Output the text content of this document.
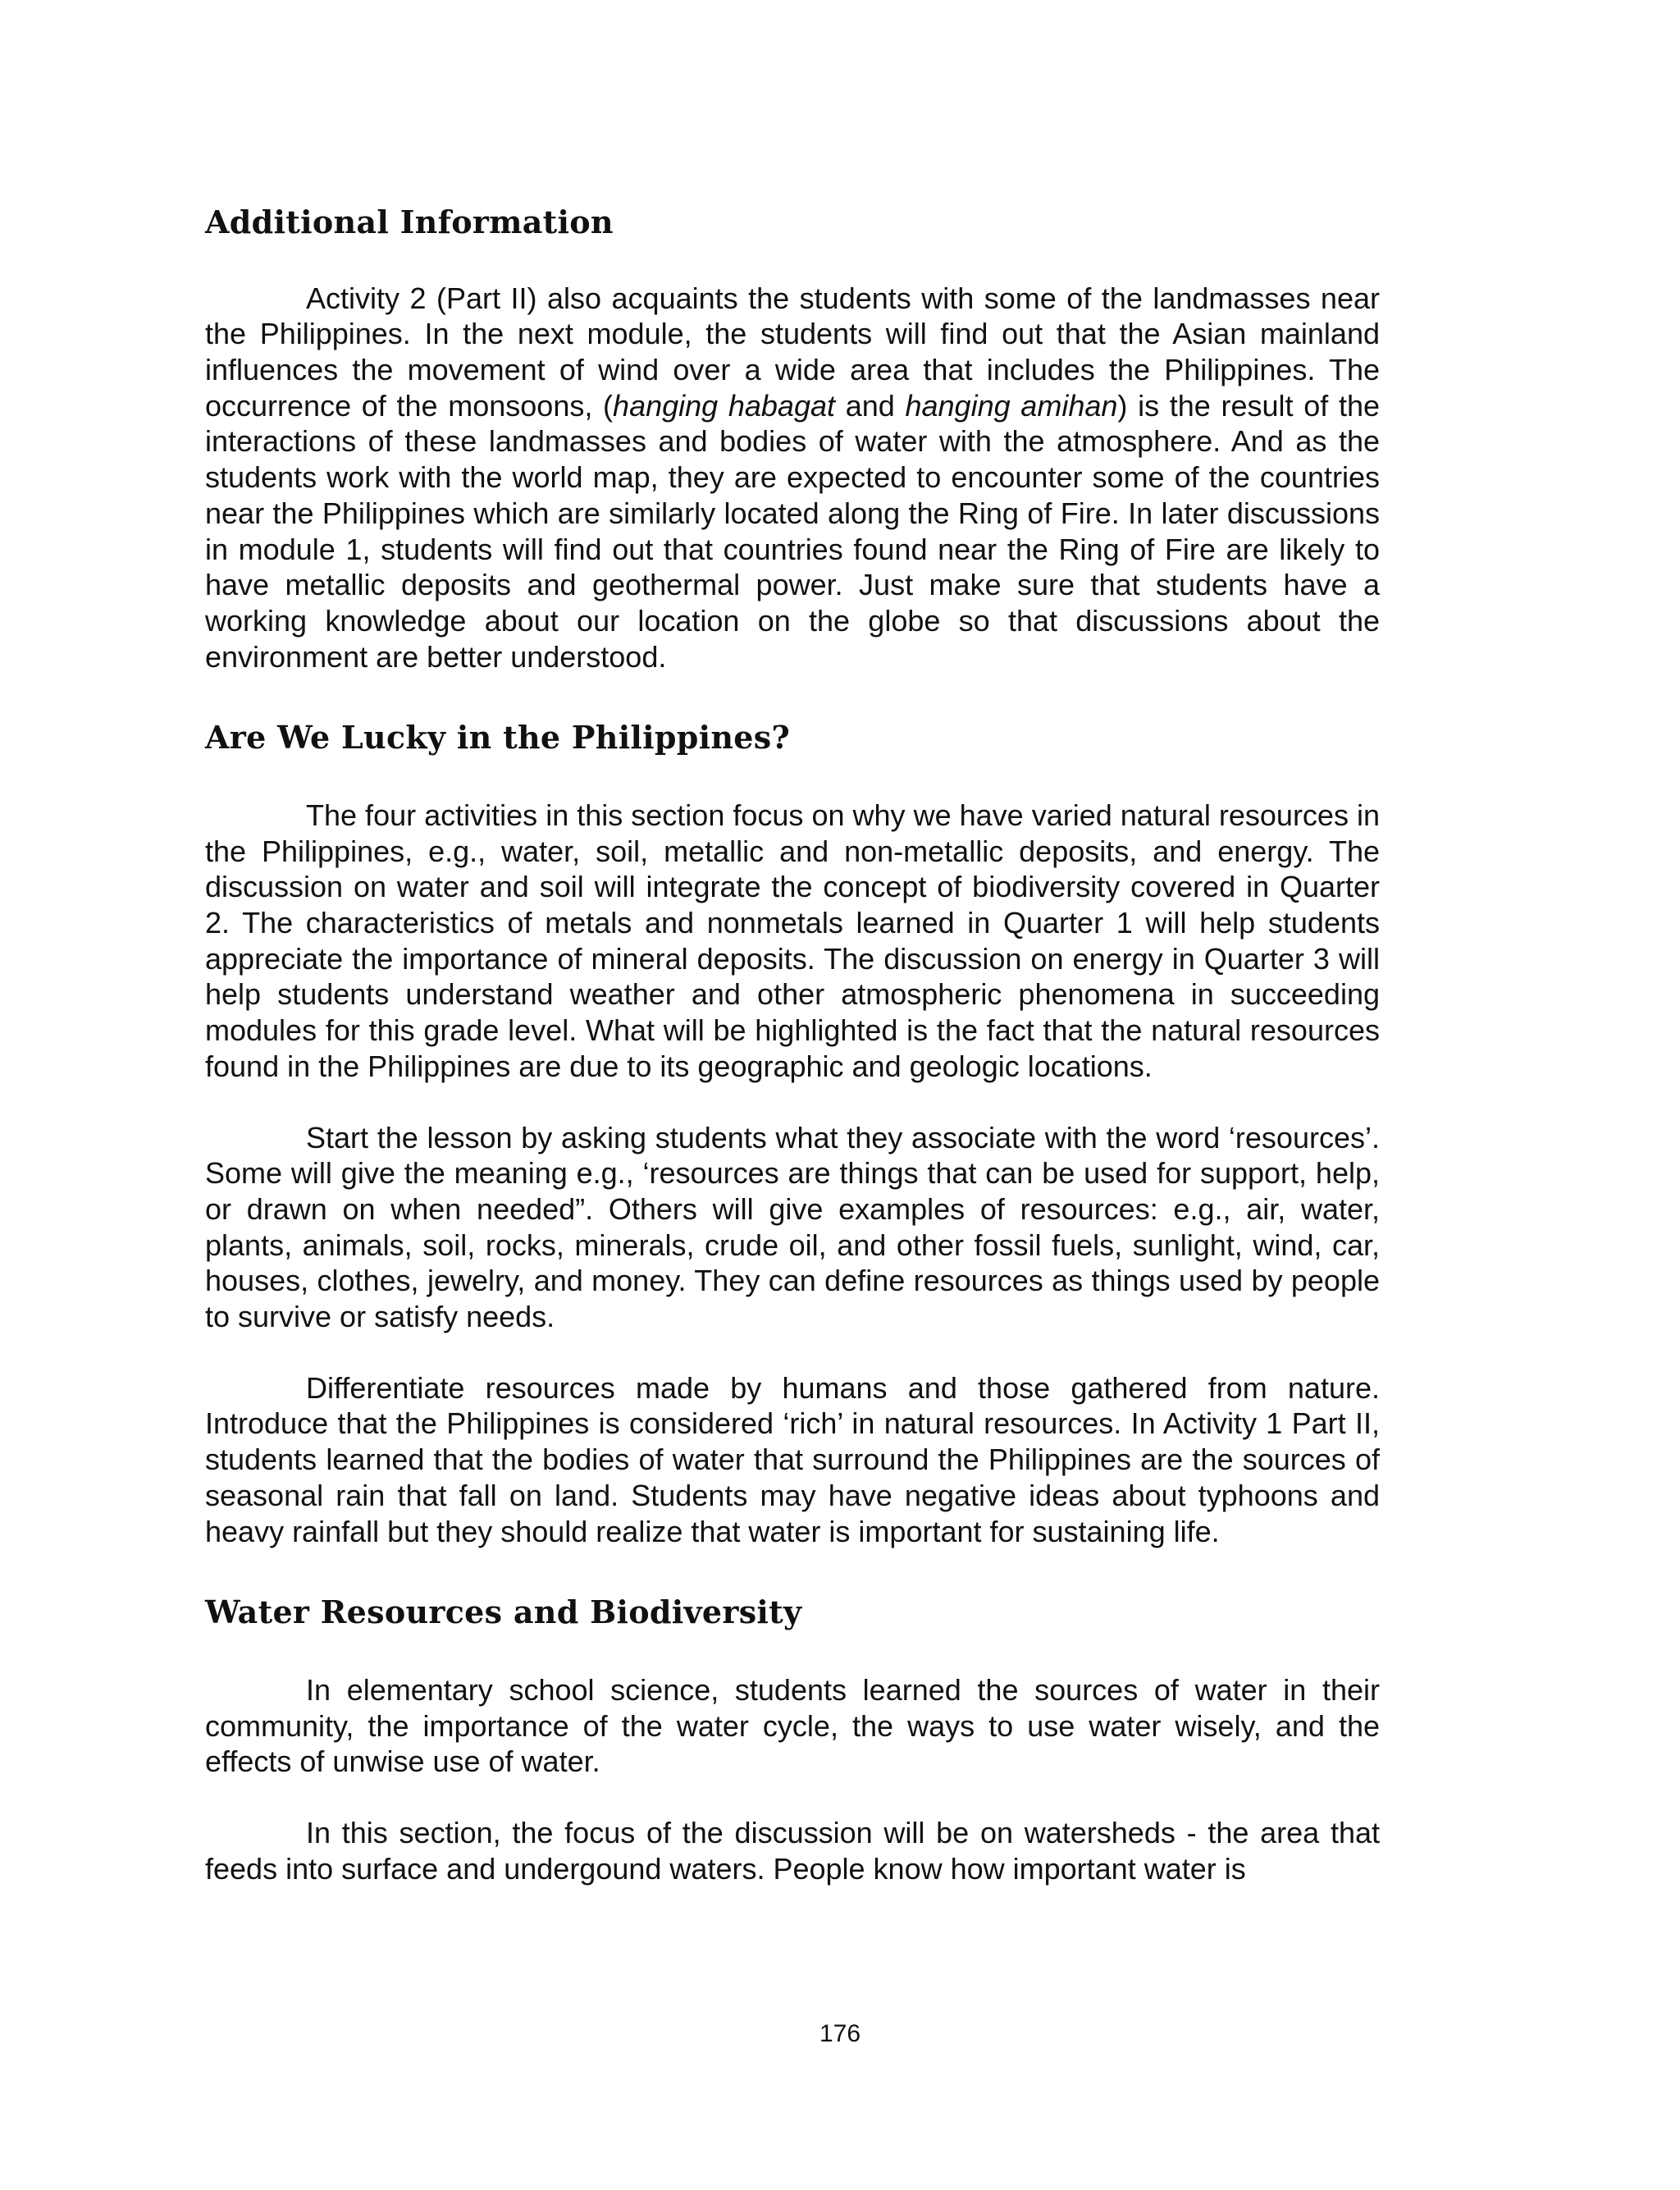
Additional Information

Activity 2 (Part II) also acquaints the students with some of the landmasses near the Philippines. In the next module, the students will find out that the Asian mainland influences the movement of wind over a wide area that includes the Philippines. The occurrence of the monsoons, (hanging habagat and hanging amihan) is the result of the interactions of these landmasses and bodies of water with the atmosphere. And as the students work with the world map, they are expected to encounter some of the countries near the Philippines which are similarly located along the Ring of Fire. In later discussions in module 1, students will find out that countries found near the Ring of Fire are likely to have metallic deposits and geothermal power. Just make sure that students have a working knowledge about our location on the globe so that discussions about the environment are better understood.

Are We Lucky in the Philippines?

The four activities in this section focus on why we have varied natural resources in the Philippines, e.g., water, soil, metallic and non-metallic deposits, and energy. The discussion on water and soil will integrate the concept of biodiversity covered in Quarter 2. The characteristics of metals and nonmetals learned in Quarter 1 will help students appreciate the importance of mineral deposits. The discussion on energy in Quarter 3 will help students understand weather and other atmospheric phenomena in succeeding modules for this grade level. What will be highlighted is the fact that the natural resources found in the Philippines are due to its geographic and geologic locations.

Start the lesson by asking students what they associate with the word ‘resources’. Some will give the meaning e.g., ‘resources are things that can be used for support, help, or drawn on when needed”. Others will give examples of resources: e.g., air, water, plants, animals, soil, rocks, minerals, crude oil, and other fossil fuels, sunlight, wind, car, houses, clothes, jewelry, and money. They can define resources as things used by people to survive or satisfy needs.

Differentiate resources made by humans and those gathered from nature. Introduce that the Philippines is considered ‘rich’ in natural resources. In Activity 1 Part II, students learned that the bodies of water that surround the Philippines are the sources of seasonal rain that fall on land. Students may have negative ideas about typhoons and heavy rainfall but they should realize that water is important for sustaining life.

Water Resources and Biodiversity

In elementary school science, students learned the sources of water in their community, the importance of the water cycle, the ways to use water wisely, and the effects of unwise use of water.

In this section, the focus of the discussion will be on watersheds - the area that feeds into surface and undergound waters. People know how important water is

176
